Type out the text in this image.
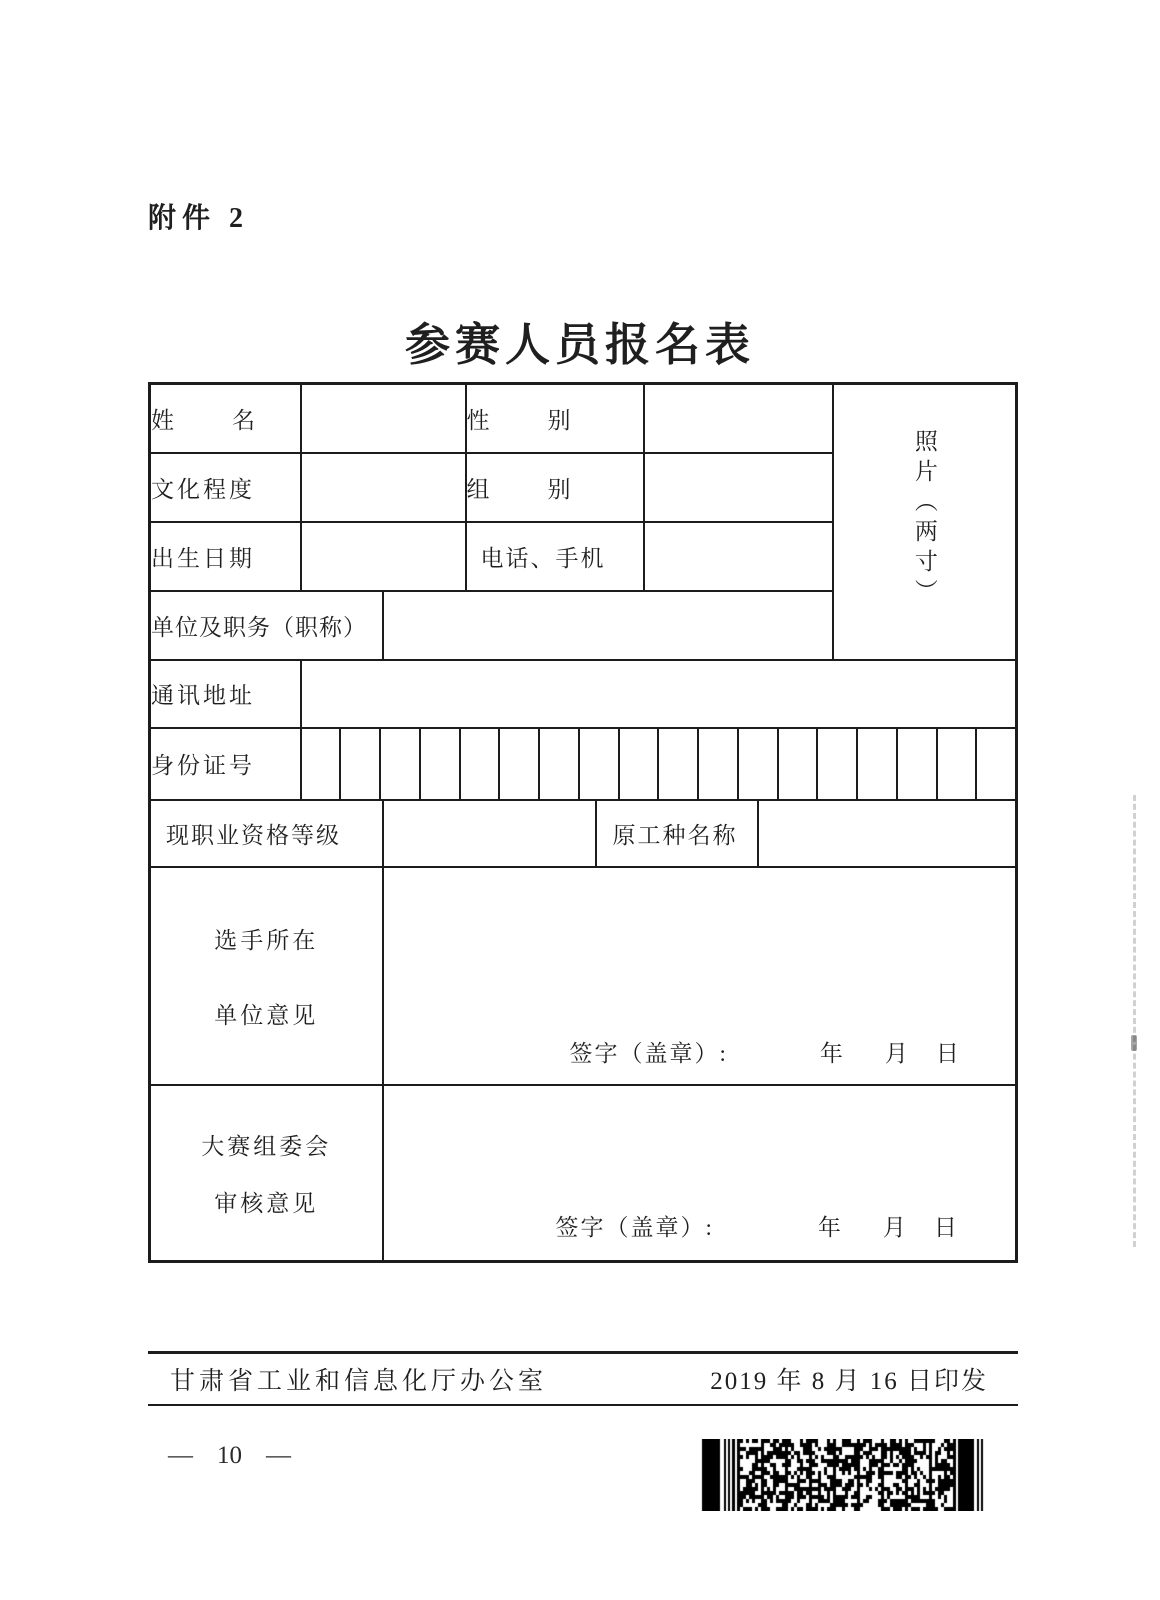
附件 2
参赛人员报名表
姓　　名			性　　别				照片（两寸）
文化程度			组　　别				
出生日期			电话、手机				
单位及职务（职称）							
通讯地址							
身份证号							

现职业资格等级				原工种名称			

选手所在
单位意见		签字（盖章）: 年 月 日					

大赛组委会
审核意见		签字（盖章）: 年 月 日					
甘肃省工业和信息化厅办公室	2019 年 8 月 16 日印发
— 10 —
